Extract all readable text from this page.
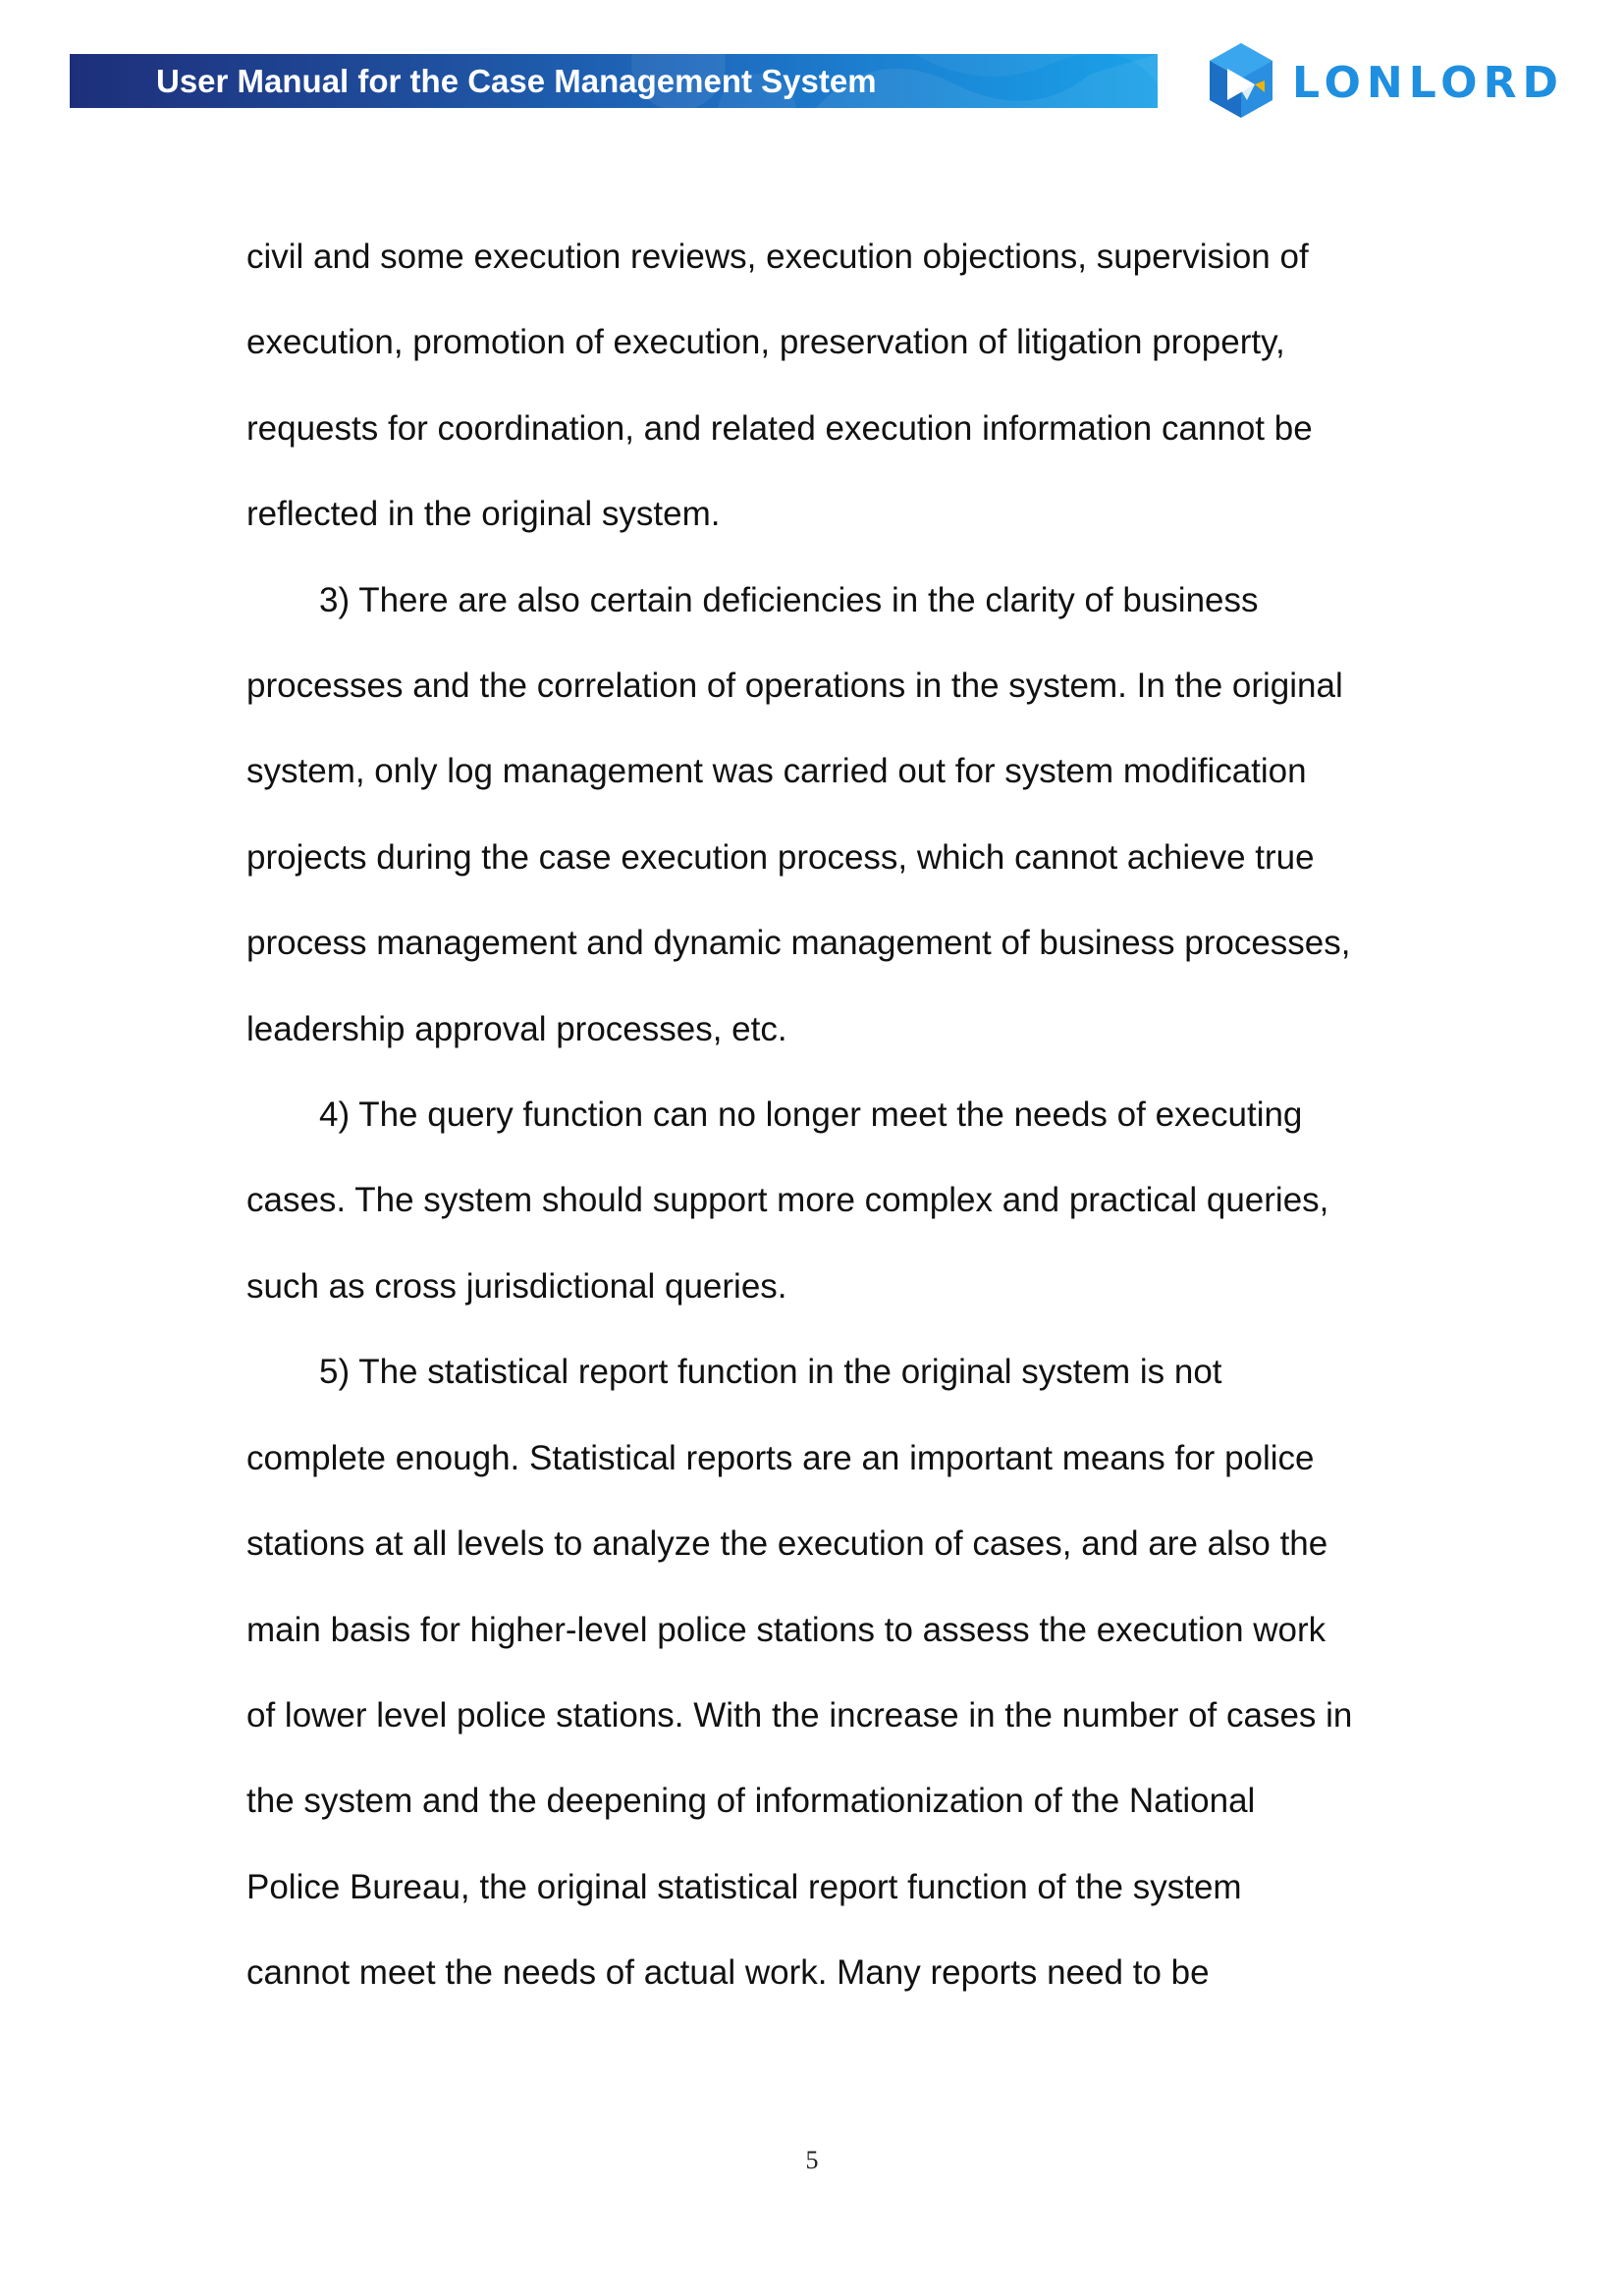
User Manual for the Case Management System	LONLORD

civil and some execution reviews, execution objections, supervision of

execution, promotion of execution, preservation of litigation property,

requests for coordination, and related execution information cannot be

reflected in the original system.

3) There are also certain deficiencies in the clarity of business

processes and the correlation of operations in the system. In the original

system, only log management was carried out for system modification

projects during the case execution process, which cannot achieve true

process management and dynamic management of business processes,

leadership approval processes, etc.

4) The query function can no longer meet the needs of executing

cases. The system should support more complex and practical queries,

such as cross jurisdictional queries.

5) The statistical report function in the original system is not

complete enough. Statistical reports are an important means for police

stations at all levels to analyze the execution of cases, and are also the

main basis for higher-level police stations to assess the execution work

of lower level police stations. With the increase in the number of cases in

the system and the deepening of informationization of the National

Police Bureau, the original statistical report function of the system

cannot meet the needs of actual work. Many reports need to be

5
